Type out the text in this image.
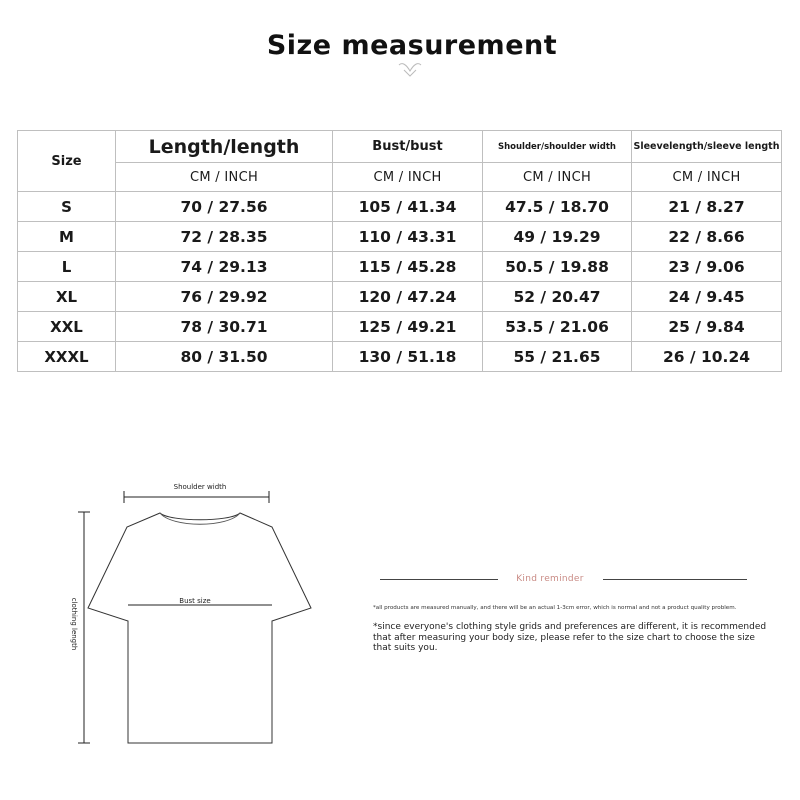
Size measurement
Size	Length/length	Bust/bust	Shoulder/shoulder width	Sleevelength/sleeve length
	CM / INCH	CM / INCH	CM / INCH	CM / INCH
S	70 / 27.56	105 / 41.34	47.5 / 18.70	21 / 8.27
M	72 / 28.35	110 / 43.31	49 / 19.29	22 / 8.66
L	74 / 29.13	115 / 45.28	50.5 / 19.88	23 / 9.06
XL	76 / 29.92	120 / 47.24	52 / 20.47	24 / 9.45
XXL	78 / 30.71	125 / 49.21	53.5 / 21.06	25 / 9.84
XXXL	80 / 31.50	130 / 51.18	55 / 21.65	26 / 10.24
Shoulder width
Bust size
clothing length
Kind reminder
*all products are measured manually, and there will be an actual 1-3cm error, which is normal and not a product quality problem.
*since everyone's clothing style grids and preferences are different, it is recommended that after measuring your body size, please refer to the size chart to choose the size that suits you.
